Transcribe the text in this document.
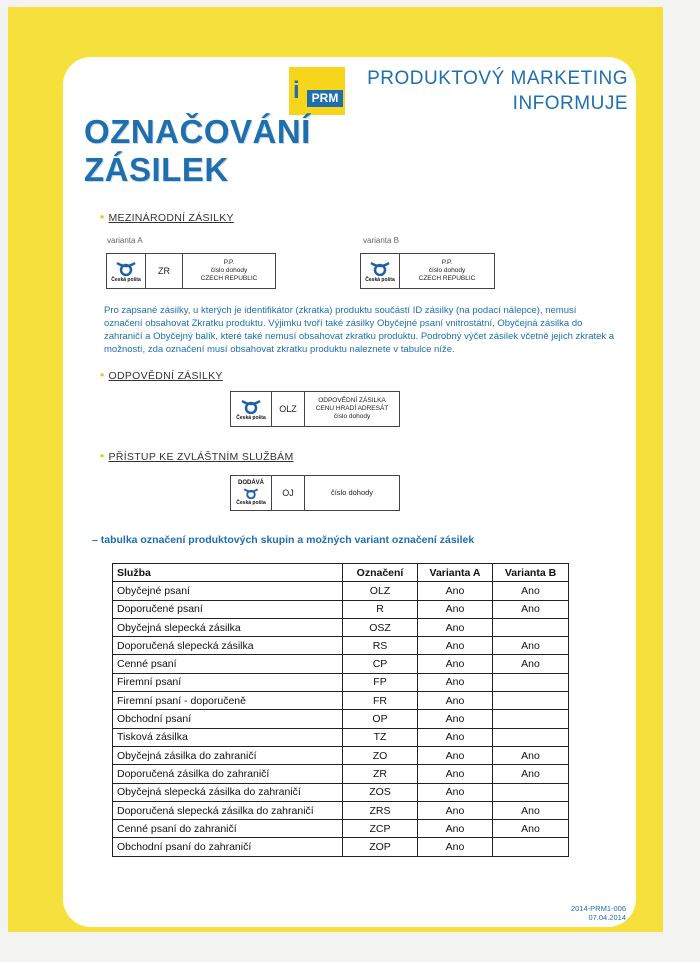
i PRM
PRODUKTOVÝ MARKETING
INFORMUJE
OZNAČOVÁNÍ
ZÁSILEK
• MEZINÁRODNÍ ZÁSILKY
varianta A	varianta B
Česká pošta
ZR
P.P.
číslo dohody
CZECH REPUBLIC	Česká pošta
P.P.
číslo dohody
CZECH REPUBLIC
Pro zapsané zásilky, u kterých je identifikátor (zkratka) produktu součástí ID zásilky (na podací nálepce), nemusí označení obsahovat Zkratku produktu. Výjimku tvoří také zásilky Obyčejné psaní vnitrostátní, Obyčejná zásilka do zahraničí a Obyčejný balík, které také nemusí obsahovat zkratku produktu. Podrobný výčet zásilek včetně jejich zkratek a možností, zda označení musí obsahovat zkratku produktu naleznete v tabulce níže.
• ODPOVĚDNÍ ZÁSILKY
Česká pošta
OLZ
ODPOVĚDNÍ ZÁSILKA
CENU HRADÍ ADRESÁT
číslo dohody
• PŘÍSTUP KE ZVLÁŠTNÍM SLUŽBÁM
DODÁVÁ
Česká pošta
OJ	číslo dohody
– tabulka označení produktových skupin a možných variant označení zásilek
Služba	Označení	Varianta A	Varianta B
Obyčejné psaní	OLZ	Ano	Ano
Doporučené psaní	R	Ano	Ano
Obyčejná slepecká zásilka	OSZ	Ano	
Doporučená slepecká zásilka	RS	Ano	Ano
Cenné psaní	CP	Ano	Ano
Firemní psaní	FP	Ano	
Firemní psaní - doporučeně	FR	Ano	
Obchodní psaní	OP	Ano	
Tisková zásilka	TZ	Ano	
Obyčejná zásilka do zahraničí	ZO	Ano	Ano
Doporučená zásilka do zahraničí	ZR	Ano	Ano
Obyčejná slepecká zásilka do zahraničí	ZOS	Ano	
Doporučená slepecká zásilka do zahraničí	ZRS	Ano	Ano
Cenné psaní do zahraničí	ZCP	Ano	Ano
Obchodní psaní do zahraničí	ZOP	Ano	
2014-PRM1-006
07.04.2014
